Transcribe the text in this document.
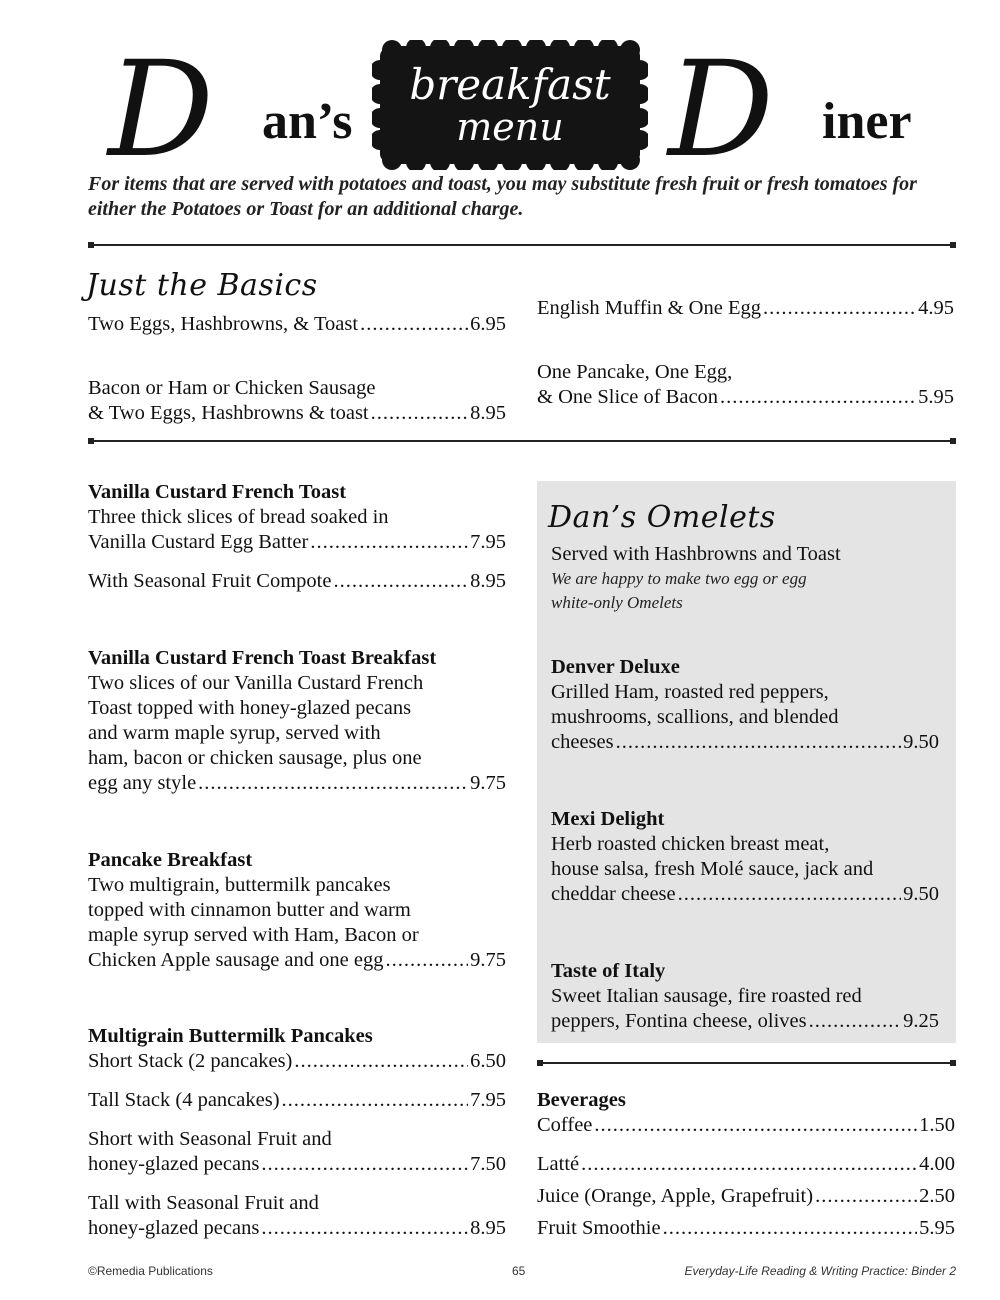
D an’s
breakfast
menu D iner

For items that are served with potatoes and toast, you may substitute fresh fruit or fresh tomatoes for either the Potatoes or Toast for an additional charge.

Just the Basics
Two Eggs, Hashbrowns, & Toast .....	6.95
Bacon or Ham or Chicken Sausage
& Two Eggs, Hashbrowns & toast .....	8.95
English Muffin & One Egg .....	4.95
One Pancake, One Egg,
& One Slice of Bacon .....	5.95
Vanilla Custard French Toast
Three thick slices of bread soaked in
Vanilla Custard Egg Batter .....	7.95
With Seasonal Fruit Compote .....	8.95
Vanilla Custard French Toast Breakfast
Two slices of our Vanilla Custard French
Toast topped with honey-glazed pecans
and warm maple syrup, served with
ham, bacon or chicken sausage, plus one
egg any style .....	9.75
Pancake Breakfast
Two multigrain, buttermilk pancakes
topped with cinnamon butter and warm
maple syrup served with Ham, Bacon or
Chicken Apple sausage and one egg .....	9.75
Multigrain Buttermilk Pancakes
Short Stack (2 pancakes) .....	6.50
Tall Stack (4 pancakes) .....	7.95
Short with Seasonal Fruit and
honey-glazed pecans .....	7.50
Tall with Seasonal Fruit and
honey-glazed pecans .....	8.95
Dan’s Omelets
Served with Hashbrowns and Toast
We are happy to make two egg or egg
white-only Omelets
Denver Deluxe
Grilled Ham, roasted red peppers,
mushrooms, scallions, and blended
cheeses .....	9.50
Mexi Delight
Herb roasted chicken breast meat,
house salsa, fresh Molé sauce, jack and
cheddar cheese .....	9.50
Taste of Italy
Sweet Italian sausage, fire roasted red
peppers, Fontina cheese, olives .....	9.25
Beverages
Coffee .....	1.50
Latté .....	4.00
Juice (Orange, Apple, Grapefruit) .....	2.50
Fruit Smoothie .....	5.95
©Remedia Publications	65	Everyday-Life Reading & Writing Practice: Binder 2
